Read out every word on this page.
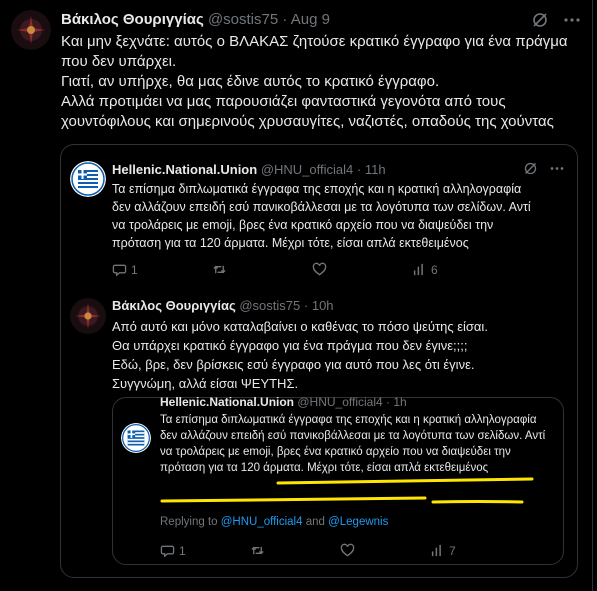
Βάκιλος Θουριγγίας @sostis75 · Aug 9
Και μην ξεχνάτε: αυτός ο ΒΛΑΚΑΣ ζητούσε κρατικό έγγραφο για ένα πράγμα
που δεν υπάρχει.
Γιατί, αν υπήρχε, θα μας έδινε αυτός το κρατικό έγγραφο.
Αλλά προτιμάει να μας παρουσιάζει φανταστικά γεγονότα από τους
χουντόφιλους και σημερινούς χρυσαυγίτες, ναζιστές, οπαδούς της χούντας
Hellenic.National.Union @HNU_official4 · 11h
Τα επίσημα διπλωματικά έγγραφα της εποχής και η κρατική αλληλογραφία
δεν αλλάζουν επειδή εσύ πανικοβάλλεσαι με τα λογότυπα των σελίδων. Αντί
να τρολάρεις με emoji, βρες ένα κρατικό αρχείο που να διαψεύδει την
πρόταση για τα 120 άρματα. Μέχρι τότε, είσαι απλά εκτεθειμένος
1	6
Βάκιλος Θουριγγίας @sostis75 · 10h
Από αυτό και μόνο καταλαβαίνει ο καθένας το πόσο ψεύτης είσαι.
Θα υπάρχει κρατικό έγγραφο για ένα πράγμα που δεν έγινε;;;;
Εδώ, βρε, δεν βρίσκεις εσύ έγγραφο για αυτό που λες ότι έγινε.
Συγγνώμη, αλλά είσαι ΨΕΥΤΗΣ.
Hellenic.National.Union @HNU_official4 · 1h
Τα επίσημα διπλωματικά έγγραφα της εποχής και η κρατική αλληλογραφία
δεν αλλάζουν επειδή εσύ πανικοβάλλεσαι με τα λογότυπα των σελίδων. Αντί
να τρολάρεις με emoji, βρες ένα κρατικό αρχείο που να διαψεύδει την
πρόταση για τα 120 άρματα. Μέχρι τότε, είσαι απλά εκτεθειμένος
Replying to @HNU_official4 and @Legewnis
1	7
